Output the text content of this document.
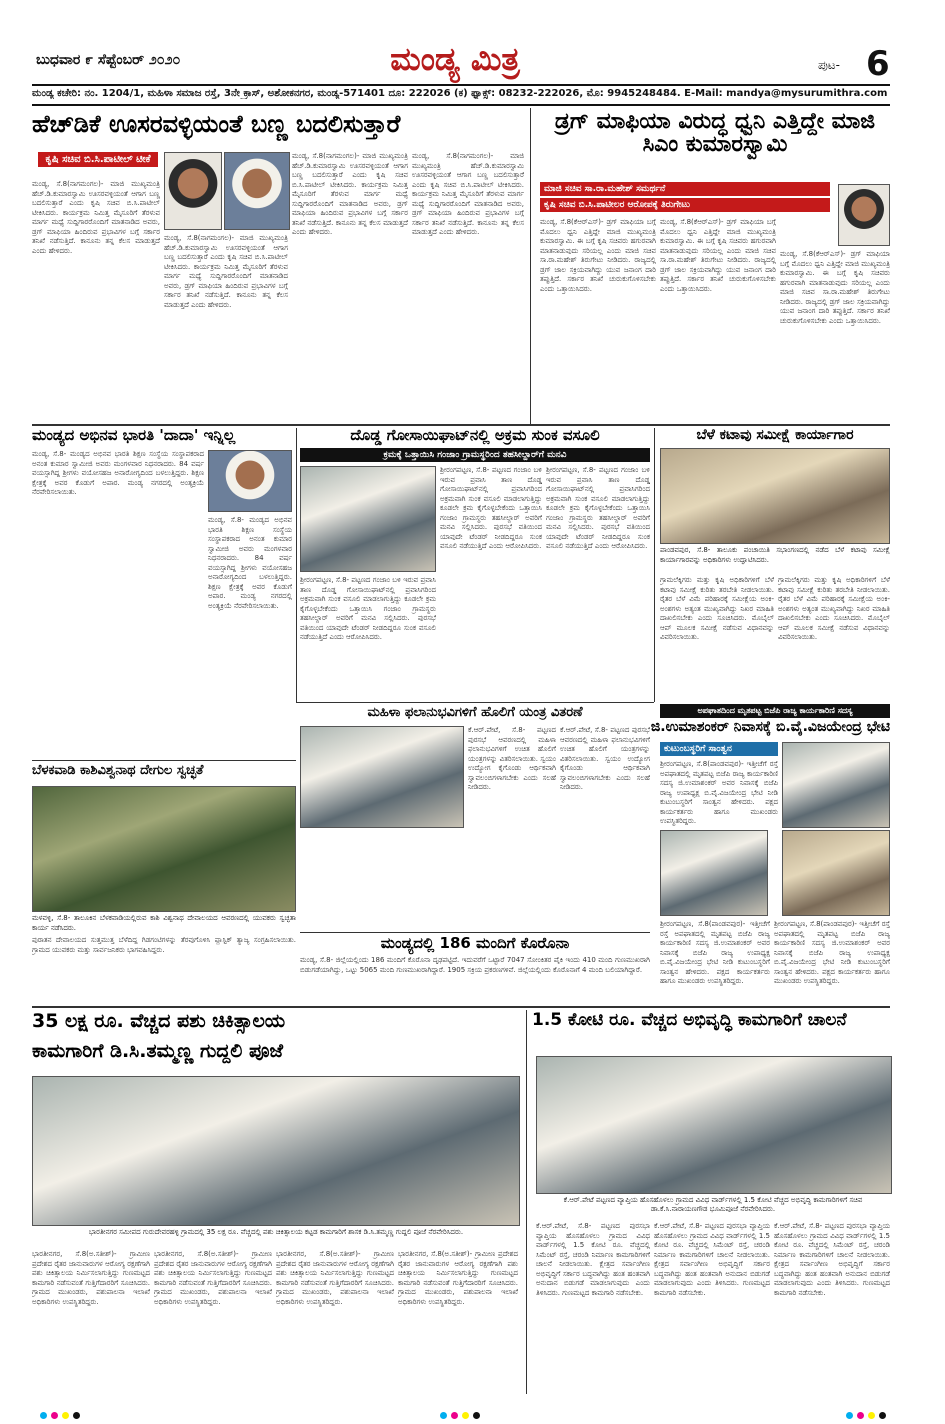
ಬುಧವಾರ ೯ ಸೆಪ್ಟೆಂಬರ್ ೨೦೨೦	ಮಂಡ್ಯ ಮಿತ್ರ	ಪುಟ- 6
ಮಂಡ್ಯ ಕಚೇರಿ: ನಂ. 1204/1, ಮಹಿಳಾ ಸಮಾಜ ರಸ್ತೆ, 3ನೇ ಕ್ರಾಸ್, ಅಶೋಕನಗರ, ಮಂಡ್ಯ-571401 ದೂ: 222026 (ಕ) ಫ್ಯಾಕ್ಸ್: 08232-222026, ಮೊ: 9945248484. E-Mail: mandya@mysurumithra.com
ಹೆಚ್‌ಡಿಕೆ ಊಸರವಳ್ಳಿಯಂತೆ ಬಣ್ಣ ಬದಲಿಸುತ್ತಾರೆ
ಕೃಷಿ ಸಚಿವ ಬಿ.ಸಿ.ಪಾಟೀಲ್ ಟೀಕೆ
ಮಂಡ್ಯ, ಸೆ.8(ನಾಗಮಂಗಲ)- ಮಾಜಿ ಮುಖ್ಯಮಂತ್ರಿ ಹೆಚ್.ಡಿ.ಕುಮಾರಸ್ವಾಮಿ ಊಸರವಳ್ಳಿಯಂತೆ ಆಗಾಗ ಬಣ್ಣ ಬದಲಿಸುತ್ತಾರೆ ಎಂದು ಕೃಷಿ ಸಚಿವ ಬಿ.ಸಿ.ಪಾಟೀಲ್ ಟೀಕಿಸಿದರು. ಕಾರ್ಯಕ್ರಮ ನಿಮಿತ್ತ ಮೈಸೂರಿಗೆ ತೆರಳುವ ಮಾರ್ಗ ಮಧ್ಯೆ ಸುದ್ದಿಗಾರರೊಂದಿಗೆ ಮಾತನಾಡಿದ ಅವರು, ಡ್ರಗ್ ಮಾಫಿಯಾ ಹಿಂದಿರುವ ಪ್ರಭಾವಿಗಳ ಬಗ್ಗೆ ಸರ್ಕಾರ ತನಿಖೆ ನಡೆಸುತ್ತಿದೆ. ಕಾನೂನು ತನ್ನ ಕೆಲಸ ಮಾಡುತ್ತದೆ ಎಂದು ಹೇಳಿದರು.
ಮಂಡ್ಯ, ಸೆ.8(ನಾಗಮಂಗಲ)- ಮಾಜಿ ಮುಖ್ಯಮಂತ್ರಿ ಹೆಚ್.ಡಿ.ಕುಮಾರಸ್ವಾಮಿ ಊಸರವಳ್ಳಿಯಂತೆ ಆಗಾಗ ಬಣ್ಣ ಬದಲಿಸುತ್ತಾರೆ ಎಂದು ಕೃಷಿ ಸಚಿವ ಬಿ.ಸಿ.ಪಾಟೀಲ್ ಟೀಕಿಸಿದರು. ಕಾರ್ಯಕ್ರಮ ನಿಮಿತ್ತ ಮೈಸೂರಿಗೆ ತೆರಳುವ ಮಾರ್ಗ ಮಧ್ಯೆ ಸುದ್ದಿಗಾರರೊಂದಿಗೆ ಮಾತನಾಡಿದ ಅವರು, ಡ್ರಗ್ ಮಾಫಿಯಾ ಹಿಂದಿರುವ ಪ್ರಭಾವಿಗಳ ಬಗ್ಗೆ ಸರ್ಕಾರ ತನಿಖೆ ನಡೆಸುತ್ತಿದೆ. ಕಾನೂನು ತನ್ನ ಕೆಲಸ ಮಾಡುತ್ತದೆ ಎಂದು ಹೇಳಿದರು.
ಮಂಡ್ಯ, ಸೆ.8(ನಾಗಮಂಗಲ)- ಮಾಜಿ ಮುಖ್ಯಮಂತ್ರಿ ಹೆಚ್.ಡಿ.ಕುಮಾರಸ್ವಾಮಿ ಊಸರವಳ್ಳಿಯಂತೆ ಆಗಾಗ ಬಣ್ಣ ಬದಲಿಸುತ್ತಾರೆ ಎಂದು ಕೃಷಿ ಸಚಿವ ಬಿ.ಸಿ.ಪಾಟೀಲ್ ಟೀಕಿಸಿದರು. ಕಾರ್ಯಕ್ರಮ ನಿಮಿತ್ತ ಮೈಸೂರಿಗೆ ತೆರಳುವ ಮಾರ್ಗ ಮಧ್ಯೆ ಸುದ್ದಿಗಾರರೊಂದಿಗೆ ಮಾತನಾಡಿದ ಅವರು, ಡ್ರಗ್ ಮಾಫಿಯಾ ಹಿಂದಿರುವ ಪ್ರಭಾವಿಗಳ ಬಗ್ಗೆ ಸರ್ಕಾರ ತನಿಖೆ ನಡೆಸುತ್ತಿದೆ. ಕಾನೂನು ತನ್ನ ಕೆಲಸ ಮಾಡುತ್ತದೆ ಎಂದು ಹೇಳಿದರು.
ಮಂಡ್ಯ, ಸೆ.8(ನಾಗಮಂಗಲ)- ಮಾಜಿ ಮುಖ್ಯಮಂತ್ರಿ ಹೆಚ್.ಡಿ.ಕುಮಾರಸ್ವಾಮಿ ಊಸರವಳ್ಳಿಯಂತೆ ಆಗಾಗ ಬಣ್ಣ ಬದಲಿಸುತ್ತಾರೆ ಎಂದು ಕೃಷಿ ಸಚಿವ ಬಿ.ಸಿ.ಪಾಟೀಲ್ ಟೀಕಿಸಿದರು. ಕಾರ್ಯಕ್ರಮ ನಿಮಿತ್ತ ಮೈಸೂರಿಗೆ ತೆರಳುವ ಮಾರ್ಗ ಮಧ್ಯೆ ಸುದ್ದಿಗಾರರೊಂದಿಗೆ ಮಾತನಾಡಿದ ಅವರು, ಡ್ರಗ್ ಮಾಫಿಯಾ ಹಿಂದಿರುವ ಪ್ರಭಾವಿಗಳ ಬಗ್ಗೆ ಸರ್ಕಾರ ತನಿಖೆ ನಡೆಸುತ್ತಿದೆ. ಕಾನೂನು ತನ್ನ ಕೆಲಸ ಮಾಡುತ್ತದೆ ಎಂದು ಹೇಳಿದರು.
ಡ್ರಗ್ ಮಾಫಿಯಾ ವಿರುದ್ಧ ಧ್ವನಿ ಎತ್ತಿದ್ದೇ ಮಾಜಿ ಸಿಎಂ ಕುಮಾರಸ್ವಾಮಿ
ಮಾಜಿ ಸಚಿವ ಸಾ.ರಾ.ಮಹೇಶ್ ಸಮರ್ಥನೆ
ಕೃಷಿ ಸಚಿವ ಬಿ.ಸಿ.ಪಾಟೀಲರ ಆರೋಪಕ್ಕೆ ತಿರುಗೇಟು
ಮಂಡ್ಯ, ಸೆ.8(ಕೆಆರ್‌ಎಸ್)- ಡ್ರಗ್ ಮಾಫಿಯಾ ಬಗ್ಗೆ ಮೊದಲು ಧ್ವನಿ ಎತ್ತಿದ್ದೇ ಮಾಜಿ ಮುಖ್ಯಮಂತ್ರಿ ಕುಮಾರಸ್ವಾಮಿ. ಈ ಬಗ್ಗೆ ಕೃಷಿ ಸಚಿವರು ಹಗುರವಾಗಿ ಮಾತನಾಡುವುದು ಸರಿಯಲ್ಲ ಎಂದು ಮಾಜಿ ಸಚಿವ ಸಾ.ರಾ.ಮಹೇಶ್ ತಿರುಗೇಟು ನೀಡಿದರು. ರಾಜ್ಯದಲ್ಲಿ ಡ್ರಗ್ ಜಾಲ ಸಕ್ರಿಯವಾಗಿದ್ದು ಯುವ ಜನಾಂಗ ದಾರಿ ತಪ್ಪುತ್ತಿದೆ. ಸರ್ಕಾರ ತನಿಖೆ ಚುರುಕುಗೊಳಿಸಬೇಕು ಎಂದು ಒತ್ತಾಯಿಸಿದರು.
ಮಂಡ್ಯ, ಸೆ.8(ಕೆಆರ್‌ಎಸ್)- ಡ್ರಗ್ ಮಾಫಿಯಾ ಬಗ್ಗೆ ಮೊದಲು ಧ್ವನಿ ಎತ್ತಿದ್ದೇ ಮಾಜಿ ಮುಖ್ಯಮಂತ್ರಿ ಕುಮಾರಸ್ವಾಮಿ. ಈ ಬಗ್ಗೆ ಕೃಷಿ ಸಚಿವರು ಹಗುರವಾಗಿ ಮಾತನಾಡುವುದು ಸರಿಯಲ್ಲ ಎಂದು ಮಾಜಿ ಸಚಿವ ಸಾ.ರಾ.ಮಹೇಶ್ ತಿರುಗೇಟು ನೀಡಿದರು. ರಾಜ್ಯದಲ್ಲಿ ಡ್ರಗ್ ಜಾಲ ಸಕ್ರಿಯವಾಗಿದ್ದು ಯುವ ಜನಾಂಗ ದಾರಿ ತಪ್ಪುತ್ತಿದೆ. ಸರ್ಕಾರ ತನಿಖೆ ಚುರುಕುಗೊಳಿಸಬೇಕು ಎಂದು ಒತ್ತಾಯಿಸಿದರು.
ಮಂಡ್ಯ, ಸೆ.8(ಕೆಆರ್‌ಎಸ್)- ಡ್ರಗ್ ಮಾಫಿಯಾ ಬಗ್ಗೆ ಮೊದಲು ಧ್ವನಿ ಎತ್ತಿದ್ದೇ ಮಾಜಿ ಮುಖ್ಯಮಂತ್ರಿ ಕುಮಾರಸ್ವಾಮಿ. ಈ ಬಗ್ಗೆ ಕೃಷಿ ಸಚಿವರು ಹಗುರವಾಗಿ ಮಾತನಾಡುವುದು ಸರಿಯಲ್ಲ ಎಂದು ಮಾಜಿ ಸಚಿವ ಸಾ.ರಾ.ಮಹೇಶ್ ತಿರುಗೇಟು ನೀಡಿದರು. ರಾಜ್ಯದಲ್ಲಿ ಡ್ರಗ್ ಜಾಲ ಸಕ್ರಿಯವಾಗಿದ್ದು ಯುವ ಜನಾಂಗ ದಾರಿ ತಪ್ಪುತ್ತಿದೆ. ಸರ್ಕಾರ ತನಿಖೆ ಚುರುಕುಗೊಳಿಸಬೇಕು ಎಂದು ಒತ್ತಾಯಿಸಿದರು.
ಮಂಡ್ಯದ ಅಭಿನವ ಭಾರತಿ 'ದಾದಾ' ಇನ್ನಿಲ್ಲ
ಮಂಡ್ಯ, ಸೆ.8- ಮಂಡ್ಯದ ಅಭಿನವ ಭಾರತಿ ಶಿಕ್ಷಣ ಸಂಸ್ಥೆಯ ಸಂಸ್ಥಾಪಕರಾದ ಅನಂತ ಕುಮಾರ ಸ್ವಾಮೀಜಿ ಅವರು ಮಂಗಳವಾರ ನಿಧನರಾದರು. 84 ವರ್ಷ ವಯಸ್ಸಾಗಿದ್ದ ಶ್ರೀಗಳು ವಯೋಸಹಜ ಅನಾರೋಗ್ಯದಿಂದ ಬಳಲುತ್ತಿದ್ದರು. ಶಿಕ್ಷಣ ಕ್ಷೇತ್ರಕ್ಕೆ ಅವರ ಕೊಡುಗೆ ಅಪಾರ. ಮಂಡ್ಯ ನಗರದಲ್ಲಿ ಅಂತ್ಯಕ್ರಿಯೆ ನೆರವೇರಿಸಲಾಯಿತು.
ಮಂಡ್ಯ, ಸೆ.8- ಮಂಡ್ಯದ ಅಭಿನವ ಭಾರತಿ ಶಿಕ್ಷಣ ಸಂಸ್ಥೆಯ ಸಂಸ್ಥಾಪಕರಾದ ಅನಂತ ಕುಮಾರ ಸ್ವಾಮೀಜಿ ಅವರು ಮಂಗಳವಾರ ನಿಧನರಾದರು. 84 ವರ್ಷ ವಯಸ್ಸಾಗಿದ್ದ ಶ್ರೀಗಳು ವಯೋಸಹಜ ಅನಾರೋಗ್ಯದಿಂದ ಬಳಲುತ್ತಿದ್ದರು. ಶಿಕ್ಷಣ ಕ್ಷೇತ್ರಕ್ಕೆ ಅವರ ಕೊಡುಗೆ ಅಪಾರ. ಮಂಡ್ಯ ನಗರದಲ್ಲಿ ಅಂತ್ಯಕ್ರಿಯೆ ನೆರವೇರಿಸಲಾಯಿತು.
ದೊಡ್ಡ ಗೋಸಾಯಿಘಾಟ್‌ನಲ್ಲಿ ಅಕ್ರಮ ಸುಂಕ ವಸೂಲಿ
ಕ್ರಮಕ್ಕೆ ಒತ್ತಾಯಿಸಿ ಗಂಜಾಂ ಗ್ರಾಮಸ್ಥರಿಂದ ತಹಸೀಲ್ದಾರ್‌ಗೆ ಮನವಿ
ಶ್ರೀರಂಗಪಟ್ಟಣ, ಸೆ.8- ಪಟ್ಟಣದ ಗಂಜಾಂ ಬಳಿ ಇರುವ ಪ್ರವಾಸಿ ತಾಣ ದೊಡ್ಡ ಗೋಸಾಯಿಘಾಟ್‌ನಲ್ಲಿ ಪ್ರವಾಸಿಗರಿಂದ ಅಕ್ರಮವಾಗಿ ಸುಂಕ ವಸೂಲಿ ಮಾಡಲಾಗುತ್ತಿದ್ದು ಕೂಡಲೇ ಕ್ರಮ ಕೈಗೊಳ್ಳಬೇಕೆಂದು ಒತ್ತಾಯಿಸಿ ಗಂಜಾಂ ಗ್ರಾಮಸ್ಥರು ತಹಸೀಲ್ದಾರ್ ಅವರಿಗೆ ಮನವಿ ಸಲ್ಲಿಸಿದರು. ಪುರಸಭೆ ವತಿಯಿಂದ ಯಾವುದೇ ಟೆಂಡರ್ ನೀಡದಿದ್ದರೂ ಸುಂಕ ವಸೂಲಿ ನಡೆಯುತ್ತಿದೆ ಎಂದು ಆರೋಪಿಸಿದರು.
ಶ್ರೀರಂಗಪಟ್ಟಣ, ಸೆ.8- ಪಟ್ಟಣದ ಗಂಜಾಂ ಬಳಿ ಇರುವ ಪ್ರವಾಸಿ ತಾಣ ದೊಡ್ಡ ಗೋಸಾಯಿಘಾಟ್‌ನಲ್ಲಿ ಪ್ರವಾಸಿಗರಿಂದ ಅಕ್ರಮವಾಗಿ ಸುಂಕ ವಸೂಲಿ ಮಾಡಲಾಗುತ್ತಿದ್ದು ಕೂಡಲೇ ಕ್ರಮ ಕೈಗೊಳ್ಳಬೇಕೆಂದು ಒತ್ತಾಯಿಸಿ ಗಂಜಾಂ ಗ್ರಾಮಸ್ಥರು ತಹಸೀಲ್ದಾರ್ ಅವರಿಗೆ ಮನವಿ ಸಲ್ಲಿಸಿದರು. ಪುರಸಭೆ ವತಿಯಿಂದ ಯಾವುದೇ ಟೆಂಡರ್ ನೀಡದಿದ್ದರೂ ಸುಂಕ ವಸೂಲಿ ನಡೆಯುತ್ತಿದೆ ಎಂದು ಆರೋಪಿಸಿದರು.
ಶ್ರೀರಂಗಪಟ್ಟಣ, ಸೆ.8- ಪಟ್ಟಣದ ಗಂಜಾಂ ಬಳಿ ಇರುವ ಪ್ರವಾಸಿ ತಾಣ ದೊಡ್ಡ ಗೋಸಾಯಿಘಾಟ್‌ನಲ್ಲಿ ಪ್ರವಾಸಿಗರಿಂದ ಅಕ್ರಮವಾಗಿ ಸುಂಕ ವಸೂಲಿ ಮಾಡಲಾಗುತ್ತಿದ್ದು ಕೂಡಲೇ ಕ್ರಮ ಕೈಗೊಳ್ಳಬೇಕೆಂದು ಒತ್ತಾಯಿಸಿ ಗಂಜಾಂ ಗ್ರಾಮಸ್ಥರು ತಹಸೀಲ್ದಾರ್ ಅವರಿಗೆ ಮನವಿ ಸಲ್ಲಿಸಿದರು. ಪುರಸಭೆ ವತಿಯಿಂದ ಯಾವುದೇ ಟೆಂಡರ್ ನೀಡದಿದ್ದರೂ ಸುಂಕ ವಸೂಲಿ ನಡೆಯುತ್ತಿದೆ ಎಂದು ಆರೋಪಿಸಿದರು.
ಬೆಳೆ ಕಟಾವು ಸಮೀಕ್ಷೆ ಕಾರ್ಯಾಗಾರ
ಪಾಂಡವಪುರ, ಸೆ.8- ತಾಲೂಕು ಪಂಚಾಯಿತಿ ಸಭಾಂಗಣದಲ್ಲಿ ನಡೆದ ಬೆಳೆ ಕಟಾವು ಸಮೀಕ್ಷೆ ಕಾರ್ಯಾಗಾರವನ್ನು ಅಧಿಕಾರಿಗಳು ಉದ್ಘಾಟಿಸಿದರು.
ಗ್ರಾಮಲೆಕ್ಕಿಗರು ಮತ್ತು ಕೃಷಿ ಅಧಿಕಾರಿಗಳಿಗೆ ಬೆಳೆ ಕಟಾವು ಸಮೀಕ್ಷೆ ಕುರಿತು ತರಬೇತಿ ನೀಡಲಾಯಿತು. ರೈತರ ಬೆಳೆ ವಿಮೆ ಪರಿಹಾರಕ್ಕೆ ಸಮೀಕ್ಷೆಯ ಅಂಕಿ-ಅಂಶಗಳು ಅತ್ಯಂತ ಮುಖ್ಯವಾಗಿದ್ದು ನಿಖರ ಮಾಹಿತಿ ದಾಖಲಿಸಬೇಕು ಎಂದು ಸೂಚಿಸಿದರು. ಮೊಬೈಲ್ ಆಪ್ ಮೂಲಕ ಸಮೀಕ್ಷೆ ನಡೆಸುವ ವಿಧಾನವನ್ನು ವಿವರಿಸಲಾಯಿತು.
ಗ್ರಾಮಲೆಕ್ಕಿಗರು ಮತ್ತು ಕೃಷಿ ಅಧಿಕಾರಿಗಳಿಗೆ ಬೆಳೆ ಕಟಾವು ಸಮೀಕ್ಷೆ ಕುರಿತು ತರಬೇತಿ ನೀಡಲಾಯಿತು. ರೈತರ ಬೆಳೆ ವಿಮೆ ಪರಿಹಾರಕ್ಕೆ ಸಮೀಕ್ಷೆಯ ಅಂಕಿ-ಅಂಶಗಳು ಅತ್ಯಂತ ಮುಖ್ಯವಾಗಿದ್ದು ನಿಖರ ಮಾಹಿತಿ ದಾಖಲಿಸಬೇಕು ಎಂದು ಸೂಚಿಸಿದರು. ಮೊಬೈಲ್ ಆಪ್ ಮೂಲಕ ಸಮೀಕ್ಷೆ ನಡೆಸುವ ವಿಧಾನವನ್ನು ವಿವರಿಸಲಾಯಿತು.
ಮಹಿಳಾ ಫಲಾನುಭವಿಗಳಿಗೆ ಹೊಲಿಗೆ ಯಂತ್ರ ವಿತರಣೆ
ಕೆ.ಆರ್.ಪೇಟೆ, ಸೆ.8- ಪಟ್ಟಣದ ಪುರಸಭೆ ಆವರಣದಲ್ಲಿ ಮಹಿಳಾ ಫಲಾನುಭವಿಗಳಿಗೆ ಉಚಿತ ಹೊಲಿಗೆ ಯಂತ್ರಗಳನ್ನು ವಿತರಿಸಲಾಯಿತು. ಸ್ವಯಂ ಉದ್ಯೋಗ ಕೈಗೊಂಡು ಆರ್ಥಿಕವಾಗಿ ಸ್ವಾವಲಂಬಿಗಳಾಗಬೇಕು ಎಂದು ಸಲಹೆ ನೀಡಿದರು.
ಕೆ.ಆರ್.ಪೇಟೆ, ಸೆ.8- ಪಟ್ಟಣದ ಪುರಸಭೆ ಆವರಣದಲ್ಲಿ ಮಹಿಳಾ ಫಲಾನುಭವಿಗಳಿಗೆ ಉಚಿತ ಹೊಲಿಗೆ ಯಂತ್ರಗಳನ್ನು ವಿತರಿಸಲಾಯಿತು. ಸ್ವಯಂ ಉದ್ಯೋಗ ಕೈಗೊಂಡು ಆರ್ಥಿಕವಾಗಿ ಸ್ವಾವಲಂಬಿಗಳಾಗಬೇಕು ಎಂದು ಸಲಹೆ ನೀಡಿದರು.
ಬೆಳಕವಾಡಿ ಕಾಶಿವಿಶ್ವನಾಥ ದೇಗುಲ ಸ್ವಚ್ಛತೆ
ಮಳವಳ್ಳಿ, ಸೆ.8- ತಾಲೂಕಿನ ಬೆಳಕವಾಡಿಯಲ್ಲಿರುವ ಕಾಶಿ ವಿಶ್ವನಾಥ ದೇವಾಲಯದ ಆವರಣದಲ್ಲಿ ಯುವಕರು ಸ್ವಚ್ಛತಾ ಕಾರ್ಯ ನಡೆಸಿದರು.
ಪುರಾತನ ದೇವಾಲಯದ ಸುತ್ತಮುತ್ತ ಬೆಳೆದಿದ್ದ ಗಿಡಗಂಟಿಗಳನ್ನು ತೆರವುಗೊಳಿಸಿ ಪ್ಲಾಸ್ಟಿಕ್ ತ್ಯಾಜ್ಯ ಸಂಗ್ರಹಿಸಲಾಯಿತು. ಗ್ರಾಮದ ಯುವಕರು ಮತ್ತು ಸಾರ್ವಜನಿಕರು ಭಾಗವಹಿಸಿದ್ದರು.	ಮಂಡ್ಯದಲ್ಲಿ 186 ಮಂದಿಗೆ ಕೊರೊನಾ
ಮಂಡ್ಯ, ಸೆ.8- ಜಿಲ್ಲೆಯಲ್ಲಿಂದು 186 ಮಂದಿಗೆ ಕೊರೊನಾ ದೃಢಪಟ್ಟಿದೆ. ಇದುವರೆಗೆ ಒಟ್ಟಾರೆ 7047 ಸೋಂಕಿತರ ಪೈಕಿ ಇಂದು 410 ಮಂದಿ ಗುಣಮುಖರಾಗಿ ಬಿಡುಗಡೆಯಾಗಿದ್ದು, ಒಟ್ಟು 5065 ಮಂದಿ ಗುಣಮುಖರಾಗಿದ್ದಾರೆ. 1905 ಸಕ್ರಿಯ ಪ್ರಕರಣಗಳಿವೆ. ಜಿಲ್ಲೆಯಲ್ಲಿಂದು ಕೊರೊನಾಗೆ 4 ಮಂದಿ ಬಲಿಯಾಗಿದ್ದಾರೆ.
ಅಪಘಾತದಿಂದ ಮೃತಪಟ್ಟ ಬಿಜೆಪಿ ರಾಜ್ಯ ಕಾರ್ಯಕಾರಿಣಿ ಸದಸ್ಯ
ಜಿ.ಉಮಾಶಂಕರ್ ನಿವಾಸಕ್ಕೆ ಬಿ.ವೈ.ವಿಜಯೇಂದ್ರ ಭೇಟಿ
ಕುಟುಂಬಸ್ಥರಿಗೆ ಸಾಂತ್ವನ
ಶ್ರೀರಂಗಪಟ್ಟಣ, ಸೆ.8(ಪಾಂಡವಪುರ)- ಇತ್ತೀಚೆಗೆ ರಸ್ತೆ ಅಪಘಾತದಲ್ಲಿ ಮೃತಪಟ್ಟ ಬಿಜೆಪಿ ರಾಜ್ಯ ಕಾರ್ಯಕಾರಿಣಿ ಸದಸ್ಯ ಜಿ.ಉಮಾಶಂಕರ್ ಅವರ ನಿವಾಸಕ್ಕೆ ಬಿಜೆಪಿ ರಾಜ್ಯ ಉಪಾಧ್ಯಕ್ಷ ಬಿ.ವೈ.ವಿಜಯೇಂದ್ರ ಭೇಟಿ ನೀಡಿ ಕುಟುಂಬಸ್ಥರಿಗೆ ಸಾಂತ್ವನ ಹೇಳಿದರು. ಪಕ್ಷದ ಕಾರ್ಯಕರ್ತರು ಹಾಗೂ ಮುಖಂಡರು ಉಪಸ್ಥಿತರಿದ್ದರು.
ಶ್ರೀರಂಗಪಟ್ಟಣ, ಸೆ.8(ಪಾಂಡವಪುರ)- ಇತ್ತೀಚೆಗೆ ರಸ್ತೆ ಅಪಘಾತದಲ್ಲಿ ಮೃತಪಟ್ಟ ಬಿಜೆಪಿ ರಾಜ್ಯ ಕಾರ್ಯಕಾರಿಣಿ ಸದಸ್ಯ ಜಿ.ಉಮಾಶಂಕರ್ ಅವರ ನಿವಾಸಕ್ಕೆ ಬಿಜೆಪಿ ರಾಜ್ಯ ಉಪಾಧ್ಯಕ್ಷ ಬಿ.ವೈ.ವಿಜಯೇಂದ್ರ ಭೇಟಿ ನೀಡಿ ಕುಟುಂಬಸ್ಥರಿಗೆ ಸಾಂತ್ವನ ಹೇಳಿದರು. ಪಕ್ಷದ ಕಾರ್ಯಕರ್ತರು ಹಾಗೂ ಮುಖಂಡರು ಉಪಸ್ಥಿತರಿದ್ದರು.
ಶ್ರೀರಂಗಪಟ್ಟಣ, ಸೆ.8(ಪಾಂಡವಪುರ)- ಇತ್ತೀಚೆಗೆ ರಸ್ತೆ ಅಪಘಾತದಲ್ಲಿ ಮೃತಪಟ್ಟ ಬಿಜೆಪಿ ರಾಜ್ಯ ಕಾರ್ಯಕಾರಿಣಿ ಸದಸ್ಯ ಜಿ.ಉಮಾಶಂಕರ್ ಅವರ ನಿವಾಸಕ್ಕೆ ಬಿಜೆಪಿ ರಾಜ್ಯ ಉಪಾಧ್ಯಕ್ಷ ಬಿ.ವೈ.ವಿಜಯೇಂದ್ರ ಭೇಟಿ ನೀಡಿ ಕುಟುಂಬಸ್ಥರಿಗೆ ಸಾಂತ್ವನ ಹೇಳಿದರು. ಪಕ್ಷದ ಕಾರ್ಯಕರ್ತರು ಹಾಗೂ ಮುಖಂಡರು ಉಪಸ್ಥಿತರಿದ್ದರು.
35 ಲಕ್ಷ ರೂ. ವೆಚ್ಚದ ಪಶು ಚಿಕಿತ್ಸಾಲಯ
ಕಾಮಗಾರಿಗೆ ಡಿ.ಸಿ.ತಮ್ಮಣ್ಣ ಗುದ್ದಲಿ ಪೂಜೆ
ಭಾರತೀನಗರ ಸಮೀಪದ ಗುರುದೇವರಹಳ್ಳಿ ಗ್ರಾಮದಲ್ಲಿ 35 ಲಕ್ಷ ರೂ. ವೆಚ್ಚದಲ್ಲಿ ಪಶು ಚಿಕಿತ್ಸಾಲಯ ಕಟ್ಟಡ ಕಾಮಗಾರಿಗೆ ಶಾಸಕ ಡಿ.ಸಿ.ತಮ್ಮಣ್ಣ ಗುದ್ದಲಿ ಪೂಜೆ ನೆರವೇರಿಸಿದರು.
ಭಾರತೀನಗರ, ಸೆ.8(ಅ.ಸತೀಶ್)- ಗ್ರಾಮೀಣ ಪ್ರದೇಶದ ರೈತರ ಜಾನುವಾರುಗಳ ಆರೋಗ್ಯ ರಕ್ಷಣೆಗಾಗಿ ಪಶು ಚಿಕಿತ್ಸಾಲಯ ನಿರ್ಮಿಸಲಾಗುತ್ತಿದ್ದು ಗುಣಮಟ್ಟದ ಕಾಮಗಾರಿ ನಡೆಸುವಂತೆ ಗುತ್ತಿಗೆದಾರರಿಗೆ ಸೂಚಿಸಿದರು. ಗ್ರಾಮದ ಮುಖಂಡರು, ಪಶುಪಾಲನಾ ಇಲಾಖೆ ಅಧಿಕಾರಿಗಳು ಉಪಸ್ಥಿತರಿದ್ದರು.
ಭಾರತೀನಗರ, ಸೆ.8(ಅ.ಸತೀಶ್)- ಗ್ರಾಮೀಣ ಪ್ರದೇಶದ ರೈತರ ಜಾನುವಾರುಗಳ ಆರೋಗ್ಯ ರಕ್ಷಣೆಗಾಗಿ ಪಶು ಚಿಕಿತ್ಸಾಲಯ ನಿರ್ಮಿಸಲಾಗುತ್ತಿದ್ದು ಗುಣಮಟ್ಟದ ಕಾಮಗಾರಿ ನಡೆಸುವಂತೆ ಗುತ್ತಿಗೆದಾರರಿಗೆ ಸೂಚಿಸಿದರು. ಗ್ರಾಮದ ಮುಖಂಡರು, ಪಶುಪಾಲನಾ ಇಲಾಖೆ ಅಧಿಕಾರಿಗಳು ಉಪಸ್ಥಿತರಿದ್ದರು.
ಭಾರತೀನಗರ, ಸೆ.8(ಅ.ಸತೀಶ್)- ಗ್ರಾಮೀಣ ಪ್ರದೇಶದ ರೈತರ ಜಾನುವಾರುಗಳ ಆರೋಗ್ಯ ರಕ್ಷಣೆಗಾಗಿ ಪಶು ಚಿಕಿತ್ಸಾಲಯ ನಿರ್ಮಿಸಲಾಗುತ್ತಿದ್ದು ಗುಣಮಟ್ಟದ ಕಾಮಗಾರಿ ನಡೆಸುವಂತೆ ಗುತ್ತಿಗೆದಾರರಿಗೆ ಸೂಚಿಸಿದರು. ಗ್ರಾಮದ ಮುಖಂಡರು, ಪಶುಪಾಲನಾ ಇಲಾಖೆ ಅಧಿಕಾರಿಗಳು ಉಪಸ್ಥಿತರಿದ್ದರು.
ಭಾರತೀನಗರ, ಸೆ.8(ಅ.ಸತೀಶ್)- ಗ್ರಾಮೀಣ ಪ್ರದೇಶದ ರೈತರ ಜಾನುವಾರುಗಳ ಆರೋಗ್ಯ ರಕ್ಷಣೆಗಾಗಿ ಪಶು ಚಿಕಿತ್ಸಾಲಯ ನಿರ್ಮಿಸಲಾಗುತ್ತಿದ್ದು ಗುಣಮಟ್ಟದ ಕಾಮಗಾರಿ ನಡೆಸುವಂತೆ ಗುತ್ತಿಗೆದಾರರಿಗೆ ಸೂಚಿಸಿದರು. ಗ್ರಾಮದ ಮುಖಂಡರು, ಪಶುಪಾಲನಾ ಇಲಾಖೆ ಅಧಿಕಾರಿಗಳು ಉಪಸ್ಥಿತರಿದ್ದರು.
1.5 ಕೋಟಿ ರೂ. ವೆಚ್ಚದ ಅಭಿವೃದ್ಧಿ ಕಾಮಗಾರಿಗೆ ಚಾಲನೆ
ಕೆ.ಆರ್.ಪೇಟೆ ಪಟ್ಟಣದ ವ್ಯಾಪ್ತಿಯ ಹೊಸಹೊಳಲು ಗ್ರಾಮದ ವಿವಿಧ ವಾರ್ಡ್‌ಗಳಲ್ಲಿ 1.5 ಕೋಟಿ ವೆಚ್ಚದ ಅಭಿವೃದ್ಧಿ ಕಾಮಗಾರಿಗಳಿಗೆ ಸಚಿವ ಡಾ.ಕೆ.ಸಿ.ನಾರಾಯಣಗೌಡ ಭೂಮಿಪೂಜೆ ನೆರವೇರಿಸಿದರು.
ಕೆ.ಆರ್.ಪೇಟೆ, ಸೆ.8- ಪಟ್ಟಣದ ಪುರಸಭಾ ವ್ಯಾಪ್ತಿಯ ಹೊಸಹೊಳಲು ಗ್ರಾಮದ ವಿವಿಧ ವಾರ್ಡ್‌ಗಳಲ್ಲಿ 1.5 ಕೋಟಿ ರೂ. ವೆಚ್ಚದಲ್ಲಿ ಸಿಮೆಂಟ್ ರಸ್ತೆ, ಚರಂಡಿ ನಿರ್ಮಾಣ ಕಾಮಗಾರಿಗಳಿಗೆ ಚಾಲನೆ ನೀಡಲಾಯಿತು. ಕ್ಷೇತ್ರದ ಸರ್ವಾಂಗೀಣ ಅಭಿವೃದ್ಧಿಗೆ ಸರ್ಕಾರ ಬದ್ಧವಾಗಿದ್ದು ಹಂತ ಹಂತವಾಗಿ ಅನುದಾನ ಬಿಡುಗಡೆ ಮಾಡಲಾಗುವುದು ಎಂದು ತಿಳಿಸಿದರು. ಗುಣಮಟ್ಟದ ಕಾಮಗಾರಿ ನಡೆಸಬೇಕು.
ಕೆ.ಆರ್.ಪೇಟೆ, ಸೆ.8- ಪಟ್ಟಣದ ಪುರಸಭಾ ವ್ಯಾಪ್ತಿಯ ಹೊಸಹೊಳಲು ಗ್ರಾಮದ ವಿವಿಧ ವಾರ್ಡ್‌ಗಳಲ್ಲಿ 1.5 ಕೋಟಿ ರೂ. ವೆಚ್ಚದಲ್ಲಿ ಸಿಮೆಂಟ್ ರಸ್ತೆ, ಚರಂಡಿ ನಿರ್ಮಾಣ ಕಾಮಗಾರಿಗಳಿಗೆ ಚಾಲನೆ ನೀಡಲಾಯಿತು. ಕ್ಷೇತ್ರದ ಸರ್ವಾಂಗೀಣ ಅಭಿವೃದ್ಧಿಗೆ ಸರ್ಕಾರ ಬದ್ಧವಾಗಿದ್ದು ಹಂತ ಹಂತವಾಗಿ ಅನುದಾನ ಬಿಡುಗಡೆ ಮಾಡಲಾಗುವುದು ಎಂದು ತಿಳಿಸಿದರು. ಗುಣಮಟ್ಟದ ಕಾಮಗಾರಿ ನಡೆಸಬೇಕು.
ಕೆ.ಆರ್.ಪೇಟೆ, ಸೆ.8- ಪಟ್ಟಣದ ಪುರಸಭಾ ವ್ಯಾಪ್ತಿಯ ಹೊಸಹೊಳಲು ಗ್ರಾಮದ ವಿವಿಧ ವಾರ್ಡ್‌ಗಳಲ್ಲಿ 1.5 ಕೋಟಿ ರೂ. ವೆಚ್ಚದಲ್ಲಿ ಸಿಮೆಂಟ್ ರಸ್ತೆ, ಚರಂಡಿ ನಿರ್ಮಾಣ ಕಾಮಗಾರಿಗಳಿಗೆ ಚಾಲನೆ ನೀಡಲಾಯಿತು. ಕ್ಷೇತ್ರದ ಸರ್ವಾಂಗೀಣ ಅಭಿವೃದ್ಧಿಗೆ ಸರ್ಕಾರ ಬದ್ಧವಾಗಿದ್ದು ಹಂತ ಹಂತವಾಗಿ ಅನುದಾನ ಬಿಡುಗಡೆ ಮಾಡಲಾಗುವುದು ಎಂದು ತಿಳಿಸಿದರು. ಗುಣಮಟ್ಟದ ಕಾಮಗಾರಿ ನಡೆಸಬೇಕು.
